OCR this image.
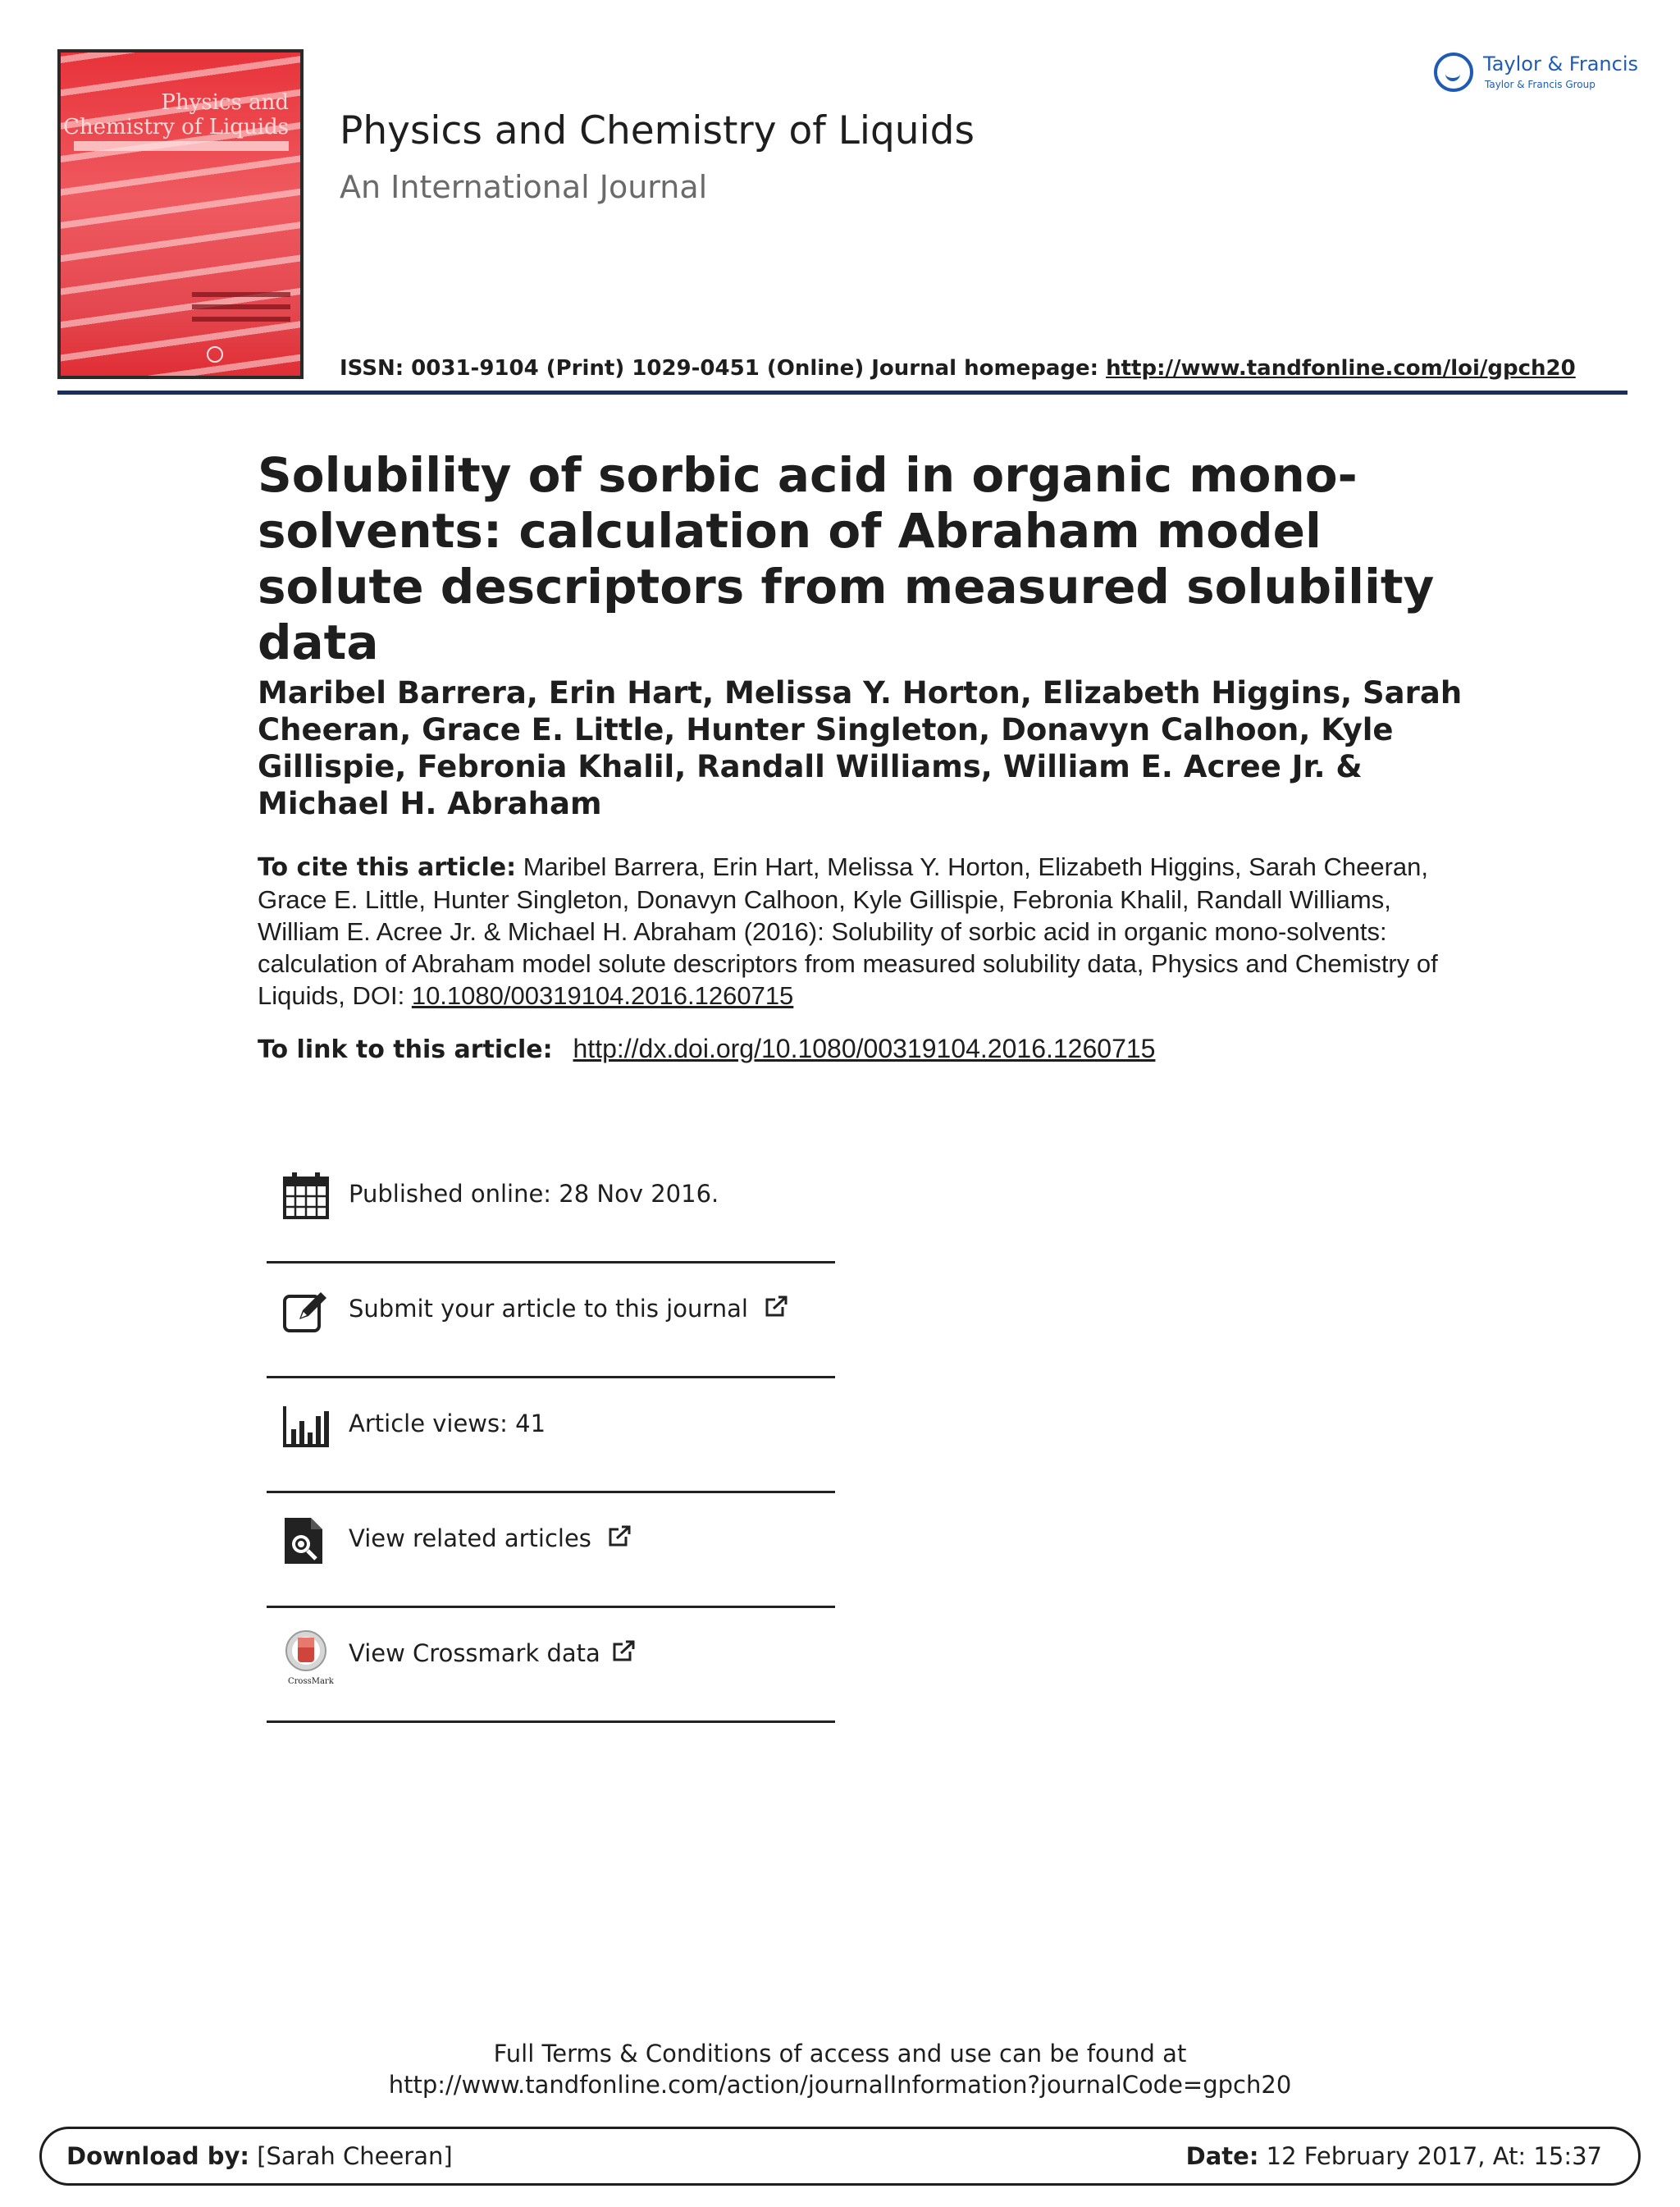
Physics and
Chemistry of Liquids Physics and Chemistry of Liquids
An International Journal
ISSN: 0031-9104 (Print) 1029-0451 (Online) Journal homepage: http://www.tandfonline.com/loi/gpch20
Taylor & Francis
Taylor & Francis Group
Solubility of sorbic acid in organic mono-solvents: calculation of Abraham model solute descriptors from measured solubility data

Maribel Barrera, Erin Hart, Melissa Y. Horton, Elizabeth Higgins, Sarah Cheeran, Grace E. Little, Hunter Singleton, Donavyn Calhoon, Kyle Gillispie, Febronia Khalil, Randall Williams, William E. Acree Jr. & Michael H. Abraham

To cite this article: Maribel Barrera, Erin Hart, Melissa Y. Horton, Elizabeth Higgins, Sarah Cheeran, Grace E. Little, Hunter Singleton, Donavyn Calhoon, Kyle Gillispie, Febronia Khalil, Randall Williams, William E. Acree Jr. & Michael H. Abraham (2016): Solubility of sorbic acid in organic mono-solvents: calculation of Abraham model solute descriptors from measured solubility data, Physics and Chemistry of Liquids, DOI: 10.1080/00319104.2016.1260715

To link to this article: http://dx.doi.org/10.1080/00319104.2016.1260715
Published online: 28 Nov 2016.
Submit your article to this journal
Article views: 41
View related articles
CrossMark
View Crossmark data
Full Terms & Conditions of access and use can be found at
http://www.tandfonline.com/action/journalInformation?journalCode=gpch20
Download by: [Sarah Cheeran]	Date: 12 February 2017, At: 15:37
